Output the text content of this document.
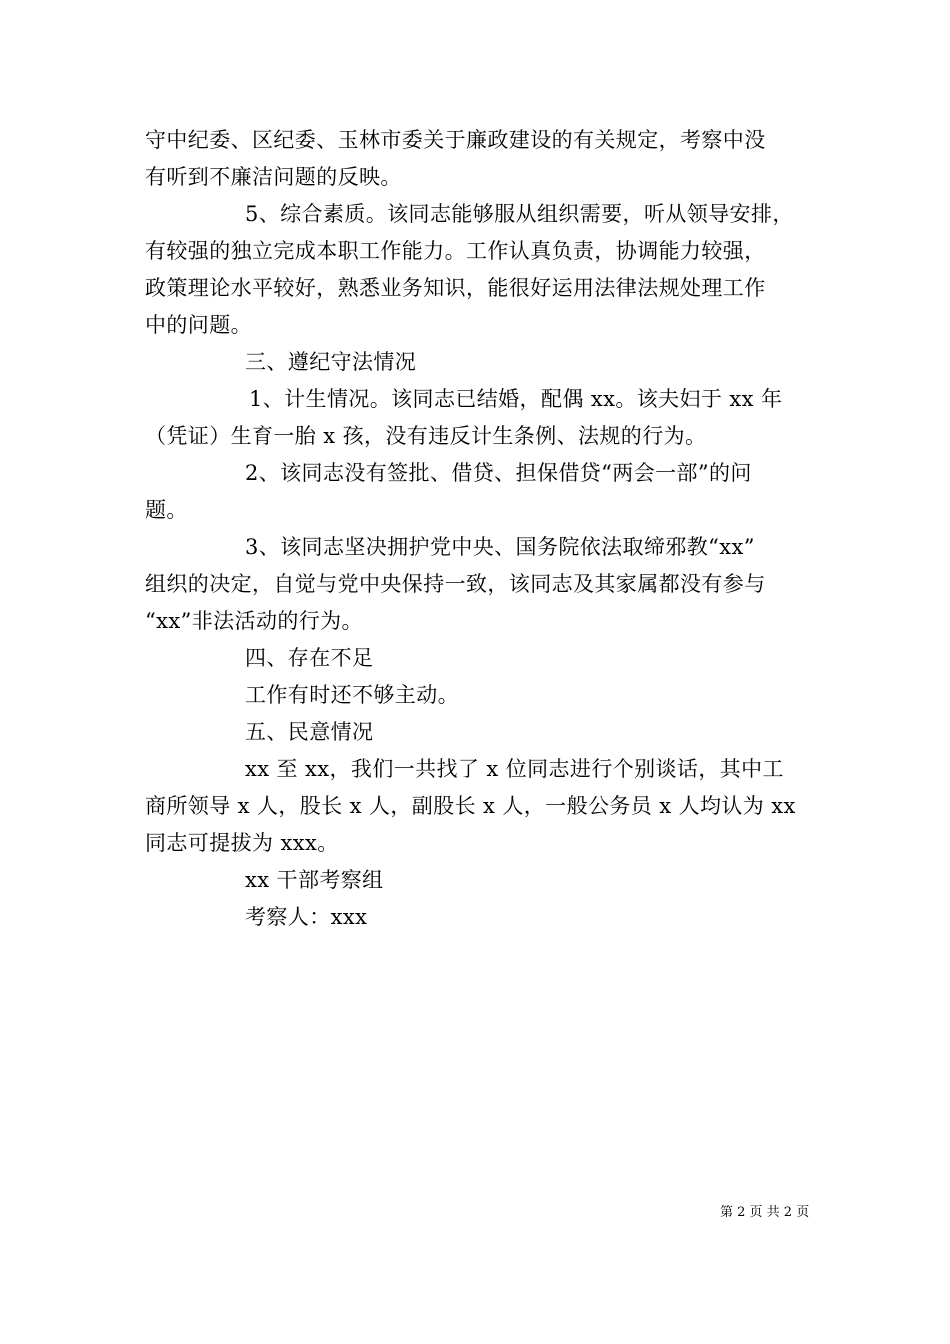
守中纪委、区纪委、玉林市委关于廉政建设的有关规定，考察中没

有听到不廉洁问题的反映。

5、综合素质。该同志能够服从组织需要，听从领导安排，

有较强的独立完成本职工作能力。工作认真负责，协调能力较强，

政策理论水平较好，熟悉业务知识，能很好运用法律法规处理工作

中的问题。

三、遵纪守法情况

1、计生情况。该同志已结婚，配偶 xx。该夫妇于 xx 年

（凭证）生育一胎 x 孩，没有违反计生条例、法规的行为。

2、该同志没有签批、借贷、担保借贷“两会一部”的问

题。

3、该同志坚决拥护党中央、国务院依法取缔邪教“xx”

组织的决定，自觉与党中央保持一致，该同志及其家属都没有参与

“xx”非法活动的行为。

四、存在不足

工作有时还不够主动。

五、民意情况

xx 至 xx，我们一共找了 x 位同志进行个别谈话，其中工

商所领导 x 人，股长 x 人，副股长 x 人，一般公务员 x 人均认为 xx

同志可提拔为 xxx。

xx 干部考察组

考察人：xxx

第 2 页 共 2 页
